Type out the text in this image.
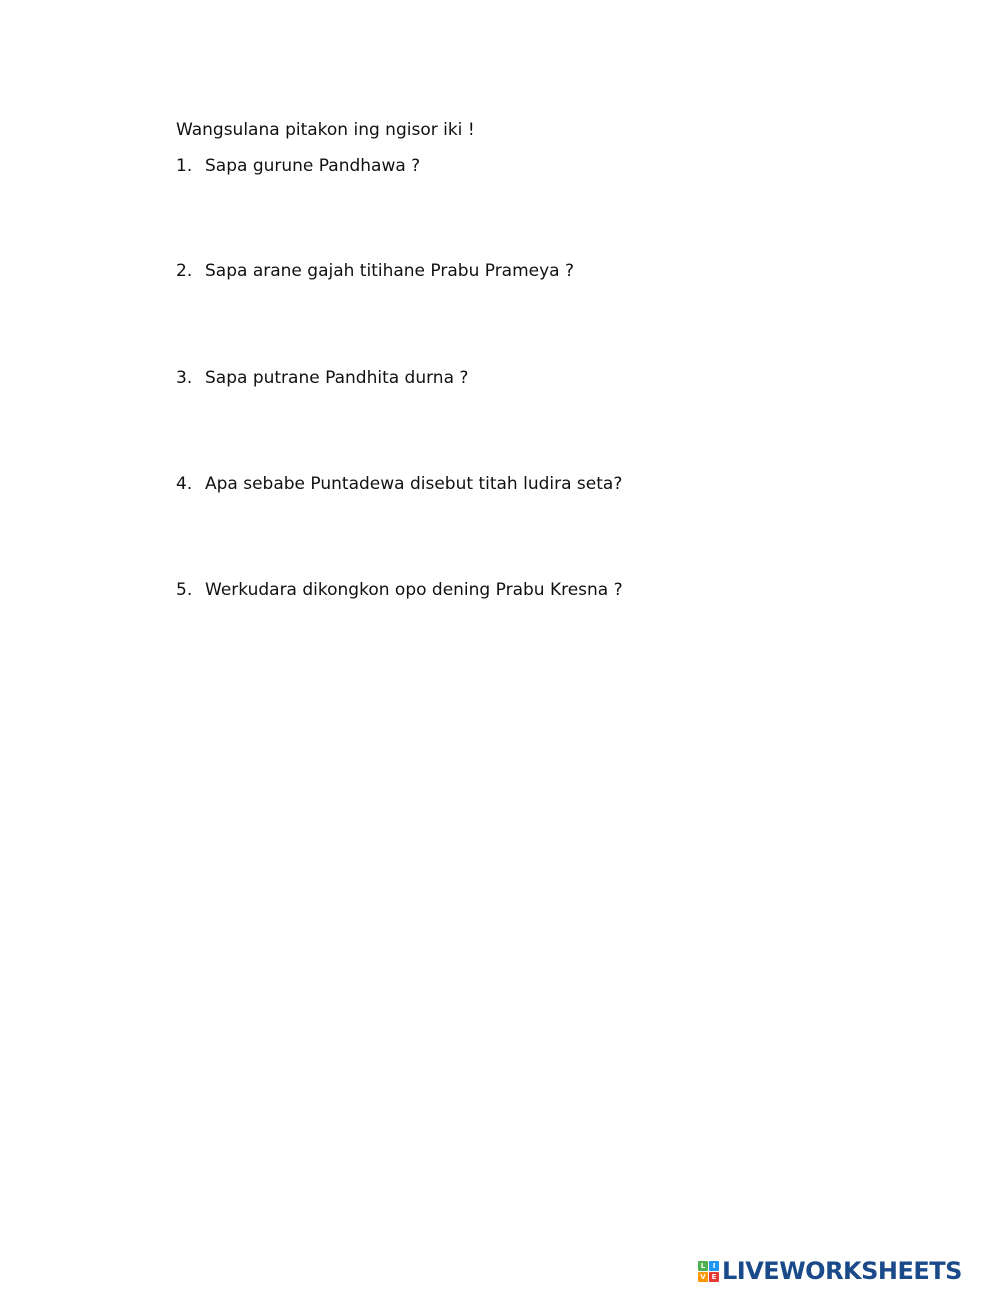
Wangsulana pitakon ing ngisor iki !
1. Sapa gurune Pandhawa ?
2. Sapa arane gajah titihane Prabu Prameya ?
3. Sapa putrane Pandhita durna ?
4. Apa sebabe Puntadewa disebut titah ludira seta?
5. Werkudara dikongkon opo dening Prabu Kresna ?
L	I
V E LIVEWORKSHEETS
